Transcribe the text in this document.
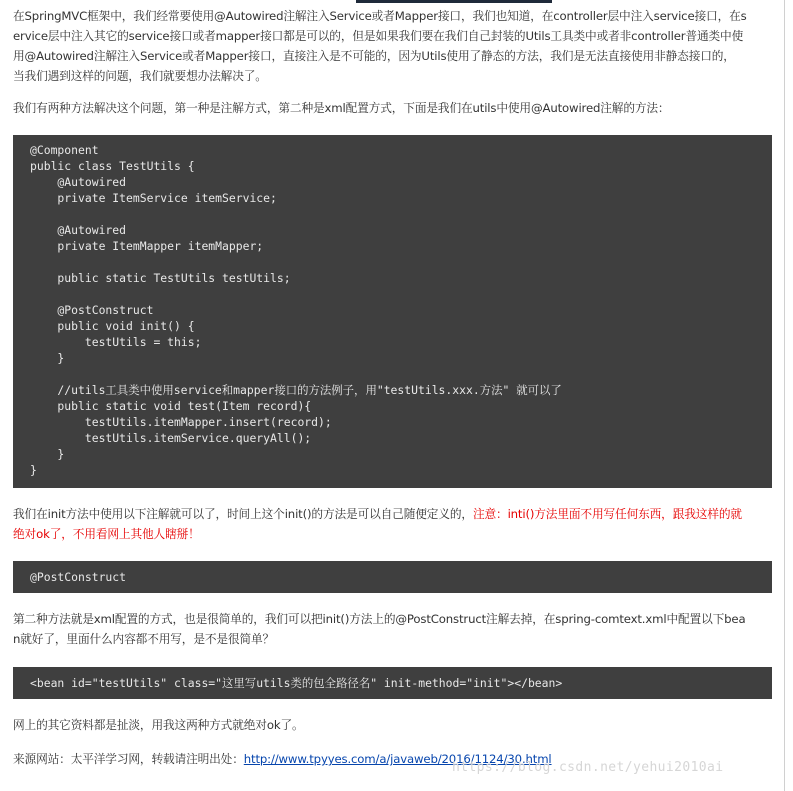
在SpringMVC框架中，我们经常要使用@Autowired注解注入Service或者Mapper接口，我们也知道，在controller层中注入service接口，在s
ervice层中注入其它的service接口或者mapper接口都是可以的，但是如果我们要在我们自己封装的Utils工具类中或者非controller普通类中使
用@Autowired注解注入Service或者Mapper接口，直接注入是不可能的，因为Utils使用了静态的方法，我们是无法直接使用非静态接口的，
当我们遇到这样的问题，我们就要想办法解决了。
我们有两种方法解决这个问题，第一种是注解方式，第二种是xml配置方式，下面是我们在utils中使用@Autowired注解的方法：
@Component
public class TestUtils {
@Autowired
private ItemService itemService;
@Autowired
private ItemMapper itemMapper;
public static TestUtils testUtils;
@PostConstruct
public void init() {
testUtils = this;
}
//utils工具类中使用service和mapper接口的方法例子，用"testUtils.xxx.方法" 就可以了
public static void test(Item record){
testUtils.itemMapper.insert(record);
testUtils.itemService.queryAll();
}
}
我们在init方法中使用以下注解就可以了，时间上这个init()的方法是可以自己随便定义的，注意：inti()方法里面不用写任何东西，跟我这样的就
绝对ok了，不用看网上其他人瞎掰！
@PostConstruct
第二种方法就是xml配置的方式，也是很简单的，我们可以把init()方法上的@PostConstruct注解去掉，在spring-comtext.xml中配置以下bea
n就好了，里面什么内容都不用写，是不是很简单？
<bean id="testUtils" class="这里写utils类的包全路径名" init-method="init"></bean>
网上的其它资料都是扯淡，用我这两种方式就绝对ok了。
来源网站：太平洋学习网，转载请注明出处：http://www.tpyyes.com/a/javaweb/2016/1124/30.html
https://blog.csdn.net/yehui2010ai
